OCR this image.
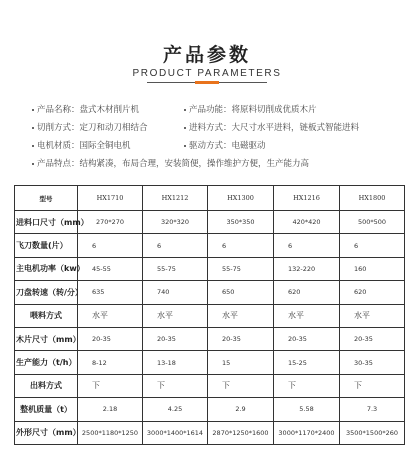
产品参数
PRODUCT PARAMETERS
产品名称：盘式木材削片机	产品功能：将原料切削成优质木片
切削方式：定刀和动刀相结合	进料方式：大尺寸水平进料，链板式智能进料
电机材质：国际全铜电机	驱动方式：电磁驱动
产品特点：结构紧凑，布局合理，安装简便，操作维护方便，生产能力高
型号	HX1710	HX1212	HX1300	HX1216	HX1800
进料口尺寸（mm）	270*270	320*320	350*350	420*420	500*500
飞刀数量(片）	6	6	6	6	6
主电机功率（kw）	45-55	55-75	55-75	132-220	160
刀盘转速（转/分）	635	740	650	620	620
喂料方式	水平	水平	水平	水平	水平
木片尺寸（mm）	20-35	20-35	20-35	20-35	20-35
生产能力（t/h）	8-12	13-18	15	15-25	30-35
出料方式	下	下	下	下	下
整机质量（t）	2.18	4.25	2.9	5.58	7.3
外形尺寸（mm）	2500*1180*1250	3000*1400*1614	2870*1250*1600	3000*1170*2400	3500*1500*260
